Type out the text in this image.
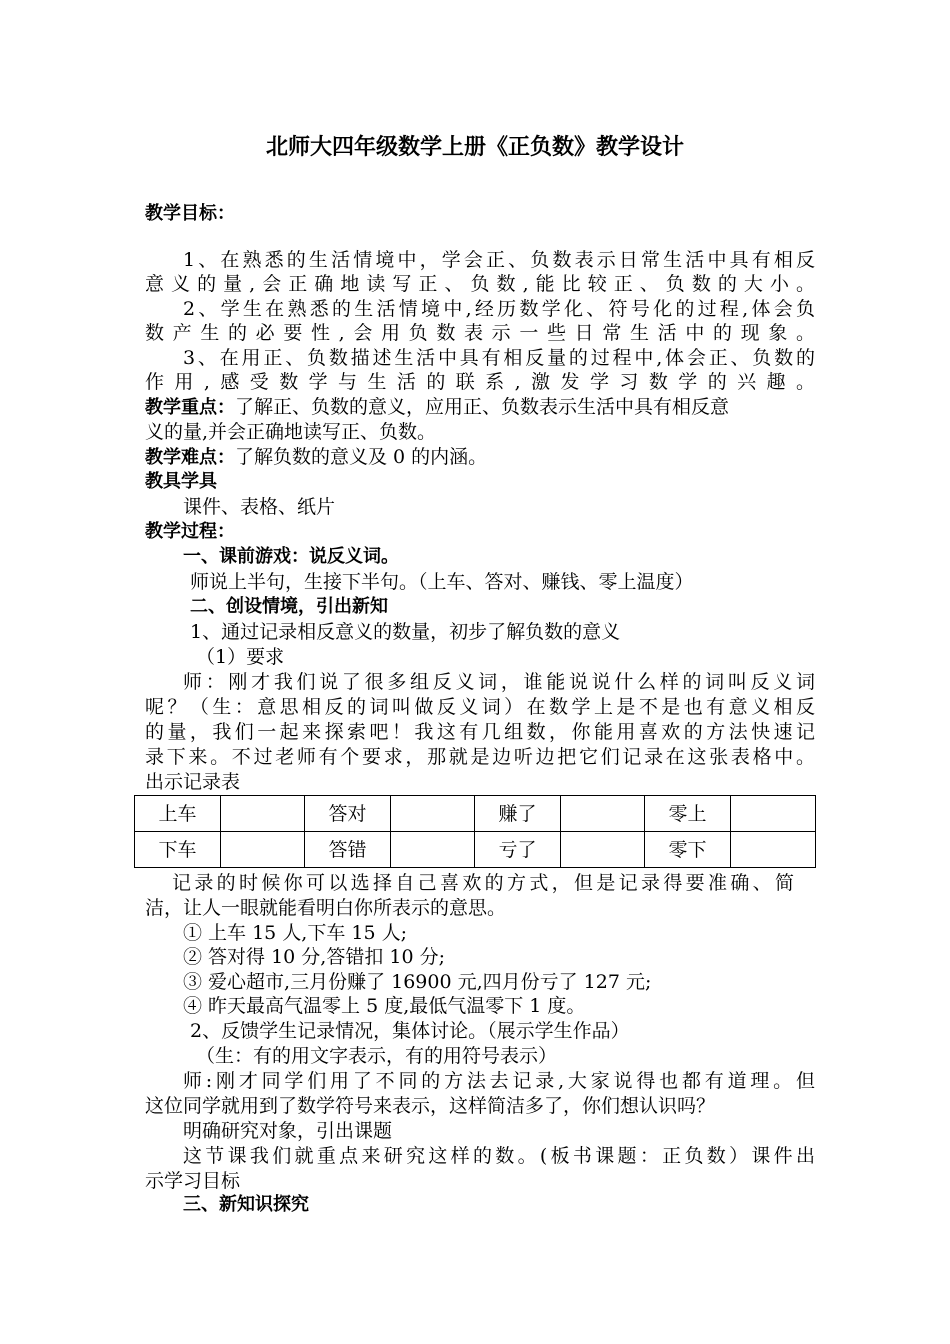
北师大四年级数学上册《正负数》教学设计
教学目标：
1、在熟悉的生活情境中，学会正、负数表示日常生活中具有相反
意义的量,会正确地读写正、负数,能比较正、负数的大小。
2、学生在熟悉的生活情境中,经历数学化、符号化的过程,体会负
数产生的必要性,会用负数表示一些日常生活中的现象。
3、在用正、负数描述生活中具有相反量的过程中,体会正、负数的
作用,感受数学与生活的联系,激发学习数学的兴趣。
教学重点：了解正、负数的意义，应用正、负数表示生活中具有相反意
义的量,并会正确地读写正、负数。
教学难点：了解负数的意义及 0 的内涵。
教具学具
课件、表格、纸片
教学过程：
一、课前游戏：说反义词。
师说上半句，生接下半句。（上车、答对、赚钱、零上温度）
二、创设情境，引出新知
1、通过记录相反意义的数量，初步了解负数的意义
（1）要求
师：刚才我们说了很多组反义词，谁能说说什么样的词叫反义词
呢？（生：意思相反的词叫做反义词）在数学上是不是也有意义相反
的量，我们一起来探索吧！我这有几组数，你能用喜欢的方法快速记
录下来。不过老师有个要求，那就是边听边把它们记录在这张表格中。
出示记录表
上车		答对		赚了		零上	
下车		答错		亏了		零下	
记录的时候你可以选择自己喜欢的方式，但是记录得要准确、简
洁，让人一眼就能看明白你所表示的意思。
① 上车 15 人,下车 15 人;
② 答对得 10 分,答错扣 10 分;
③ 爱心超市,三月份赚了 16900 元,四月份亏了 127 元;
④ 昨天最高气温零上 5 度,最低气温零下 1 度。
2、反馈学生记录情况，集体讨论。（展示学生作品）
（生：有的用文字表示，有的用符号表示）
师:刚才同学们用了不同的方法去记录,大家说得也都有道理。但
这位同学就用到了数学符号来表示，这样简洁多了，你们想认识吗？
明确研究对象，引出课题
这节课我们就重点来研究这样的数。(板书课题：正负数）课件出
示学习目标
三、新知识探究
